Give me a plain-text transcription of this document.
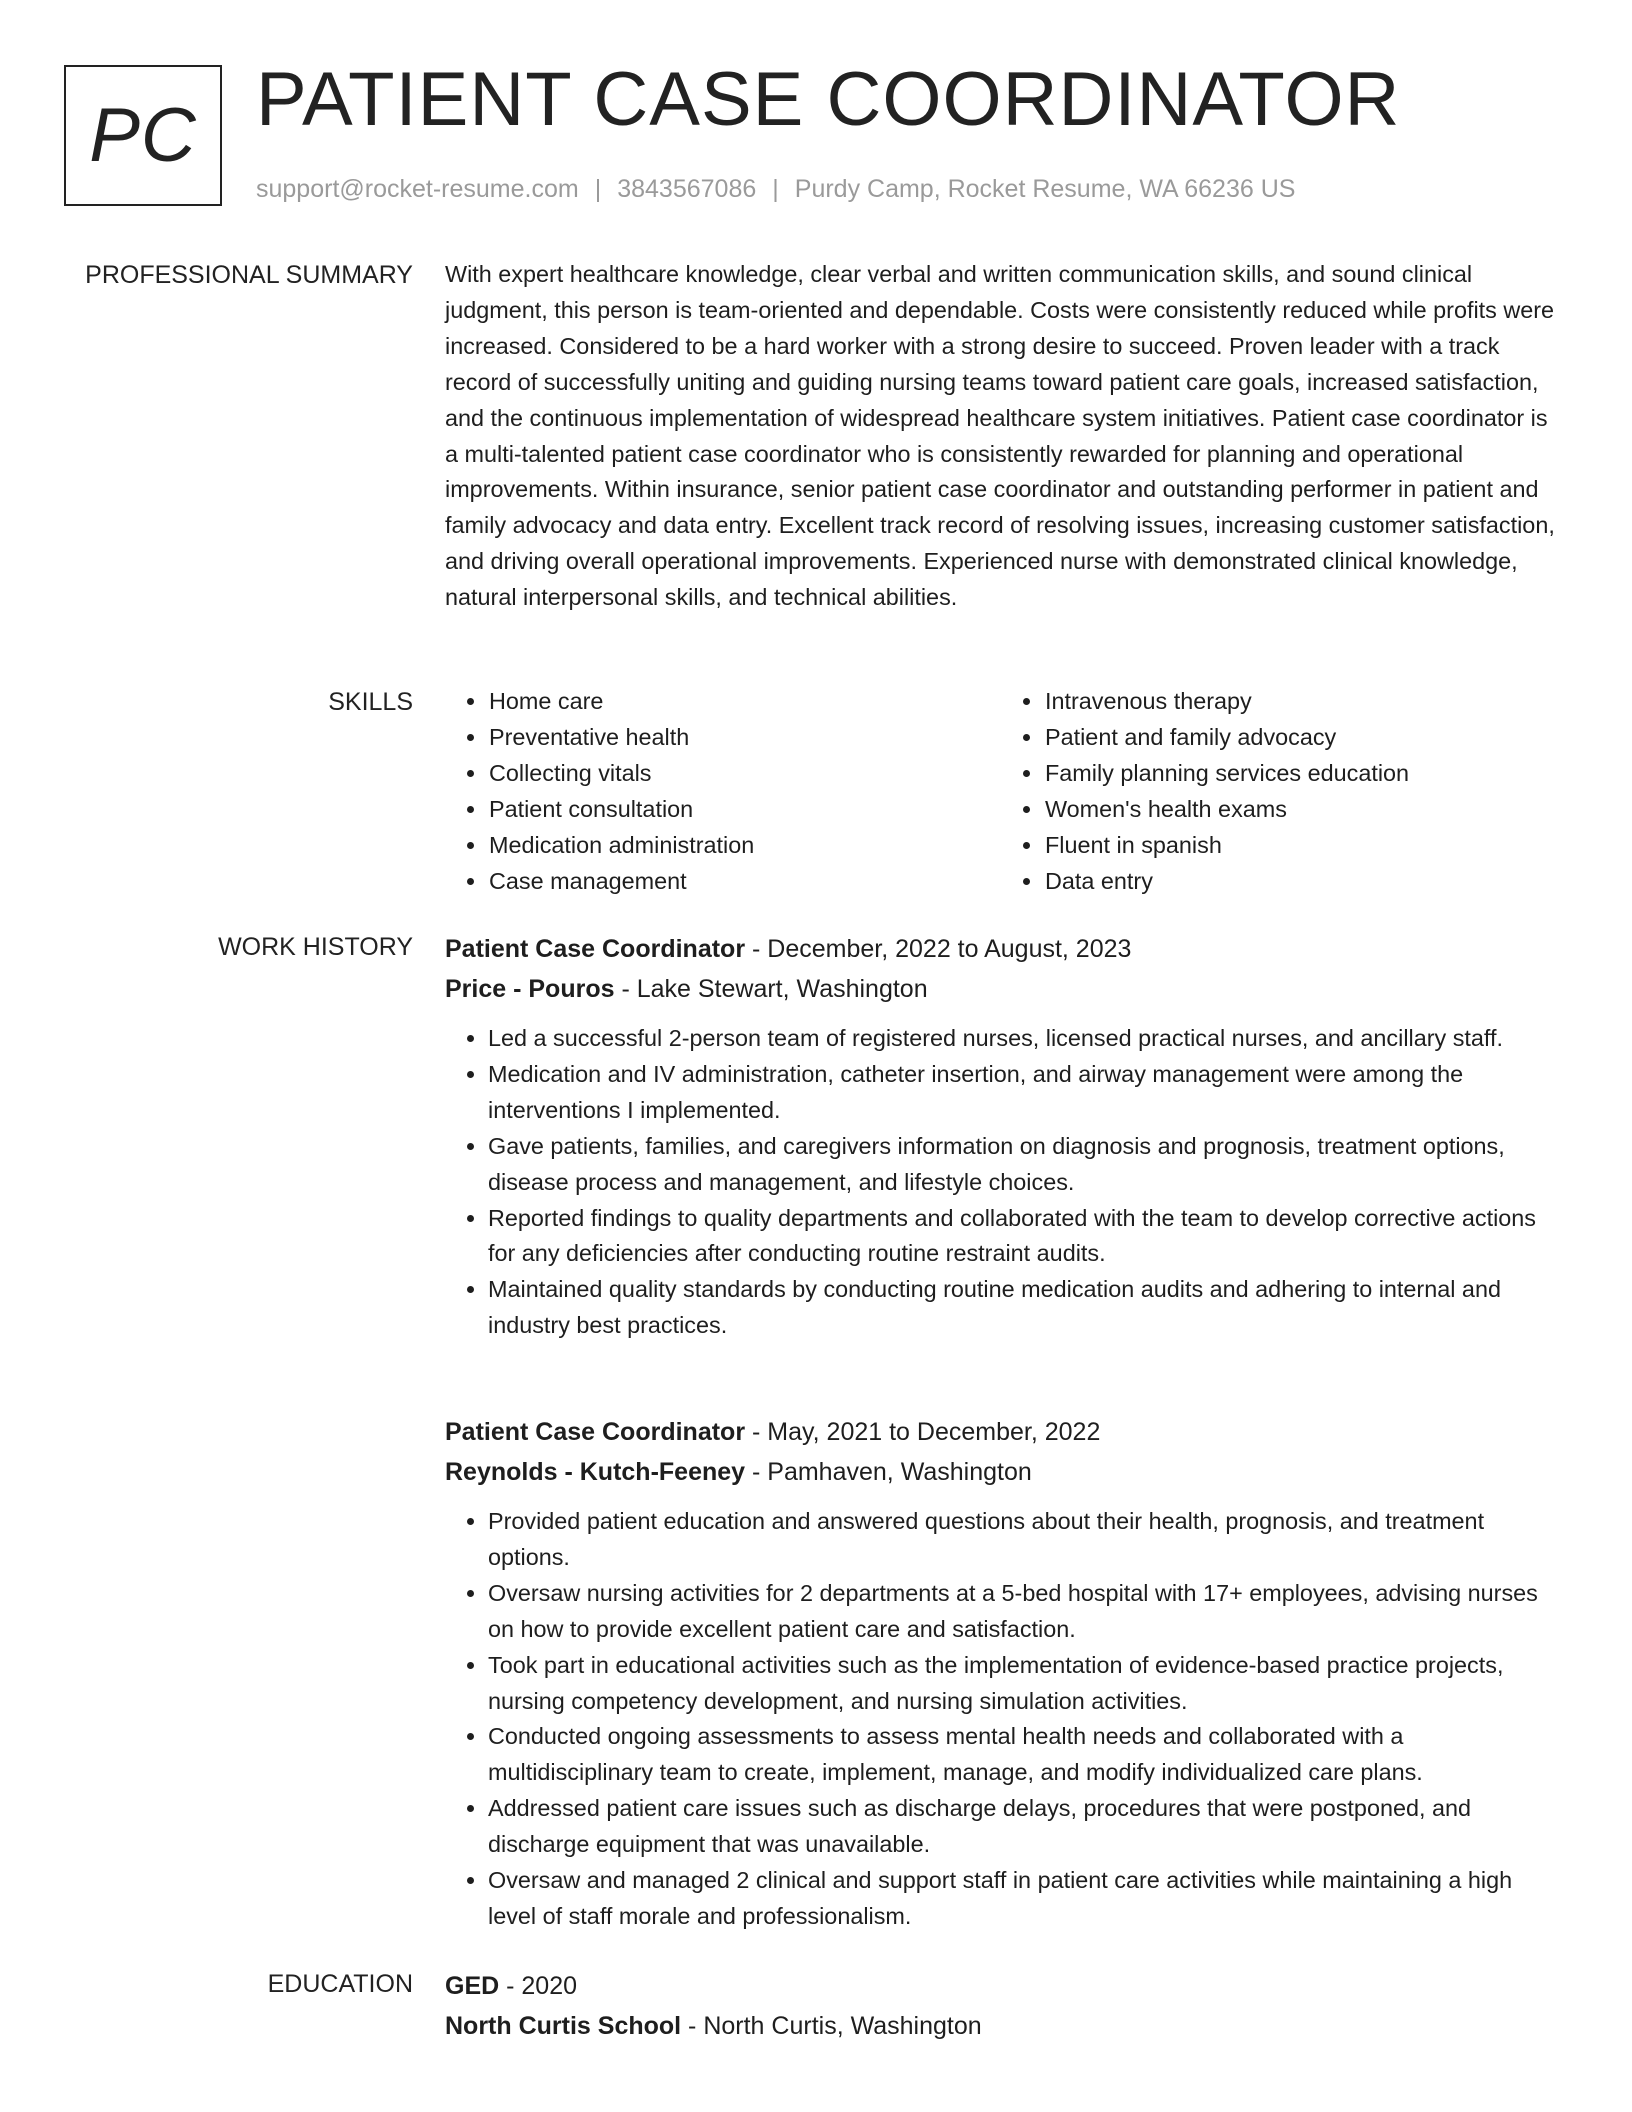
PC PATIENT CASE COORDINATOR
support@rocket-resume.com | 3843567086 | Purdy Camp, Rocket Resume, WA 66236 US
PROFESSIONAL SUMMARY With expert healthcare knowledge, clear verbal and written communication skills, and sound clinical judgment, this person is team-oriented and dependable. Costs were consistently reduced while profits were increased. Considered to be a hard worker with a strong desire to succeed. Proven leader with a track record of successfully uniting and guiding nursing teams toward patient care goals, increased satisfaction, and the continuous implementation of widespread healthcare system initiatives. Patient case coordinator is a multi-talented patient case coordinator who is consistently rewarded for planning and operational improvements. Within insurance, senior patient case coordinator and outstanding performer in patient and family advocacy and data entry. Excellent track record of resolving issues, increasing customer satisfaction, and driving overall operational improvements. Experienced nurse with demonstrated clinical knowledge, natural interpersonal skills, and technical abilities.

SKILLS
•	Home care
• Preventative health
• Collecting vitals
• Patient consultation
• Medication administration
• Case management
• Intravenous therapy
• Patient and family advocacy
• Family planning services education
• Women's health exams
• Fluent in spanish
• Data entry
WORK HISTORY Patient Case Coordinator - December, 2022 to August, 2023
Price - Pouros - Lake Stewart, Washington
• Led a successful 2-person team of registered nurses, licensed practical nurses, and ancillary staff.
• Medication and IV administration, catheter insertion, and airway management were among the interventions I implemented.
• Gave patients, families, and caregivers information on diagnosis and prognosis, treatment options, disease process and management, and lifestyle choices.
• Reported findings to quality departments and collaborated with the team to develop corrective actions for any deficiencies after conducting routine restraint audits.
• Maintained quality standards by conducting routine medication audits and adhering to internal and industry best practices.
Patient Case Coordinator - May, 2021 to December, 2022
Reynolds - Kutch-Feeney - Pamhaven, Washington
• Provided patient education and answered questions about their health, prognosis, and treatment options.
• Oversaw nursing activities for 2 departments at a 5-bed hospital with 17+ employees, advising nurses on how to provide excellent patient care and satisfaction.
• Took part in educational activities such as the implementation of evidence-based practice projects, nursing competency development, and nursing simulation activities.
• Conducted ongoing assessments to assess mental health needs and collaborated with a multidisciplinary team to create, implement, manage, and modify individualized care plans.
• Addressed patient care issues such as discharge delays, procedures that were postponed, and discharge equipment that was unavailable.
• Oversaw and managed 2 clinical and support staff in patient care activities while maintaining a high level of staff morale and professionalism.
EDUCATION GED - 2020
North Curtis School - North Curtis, Washington
